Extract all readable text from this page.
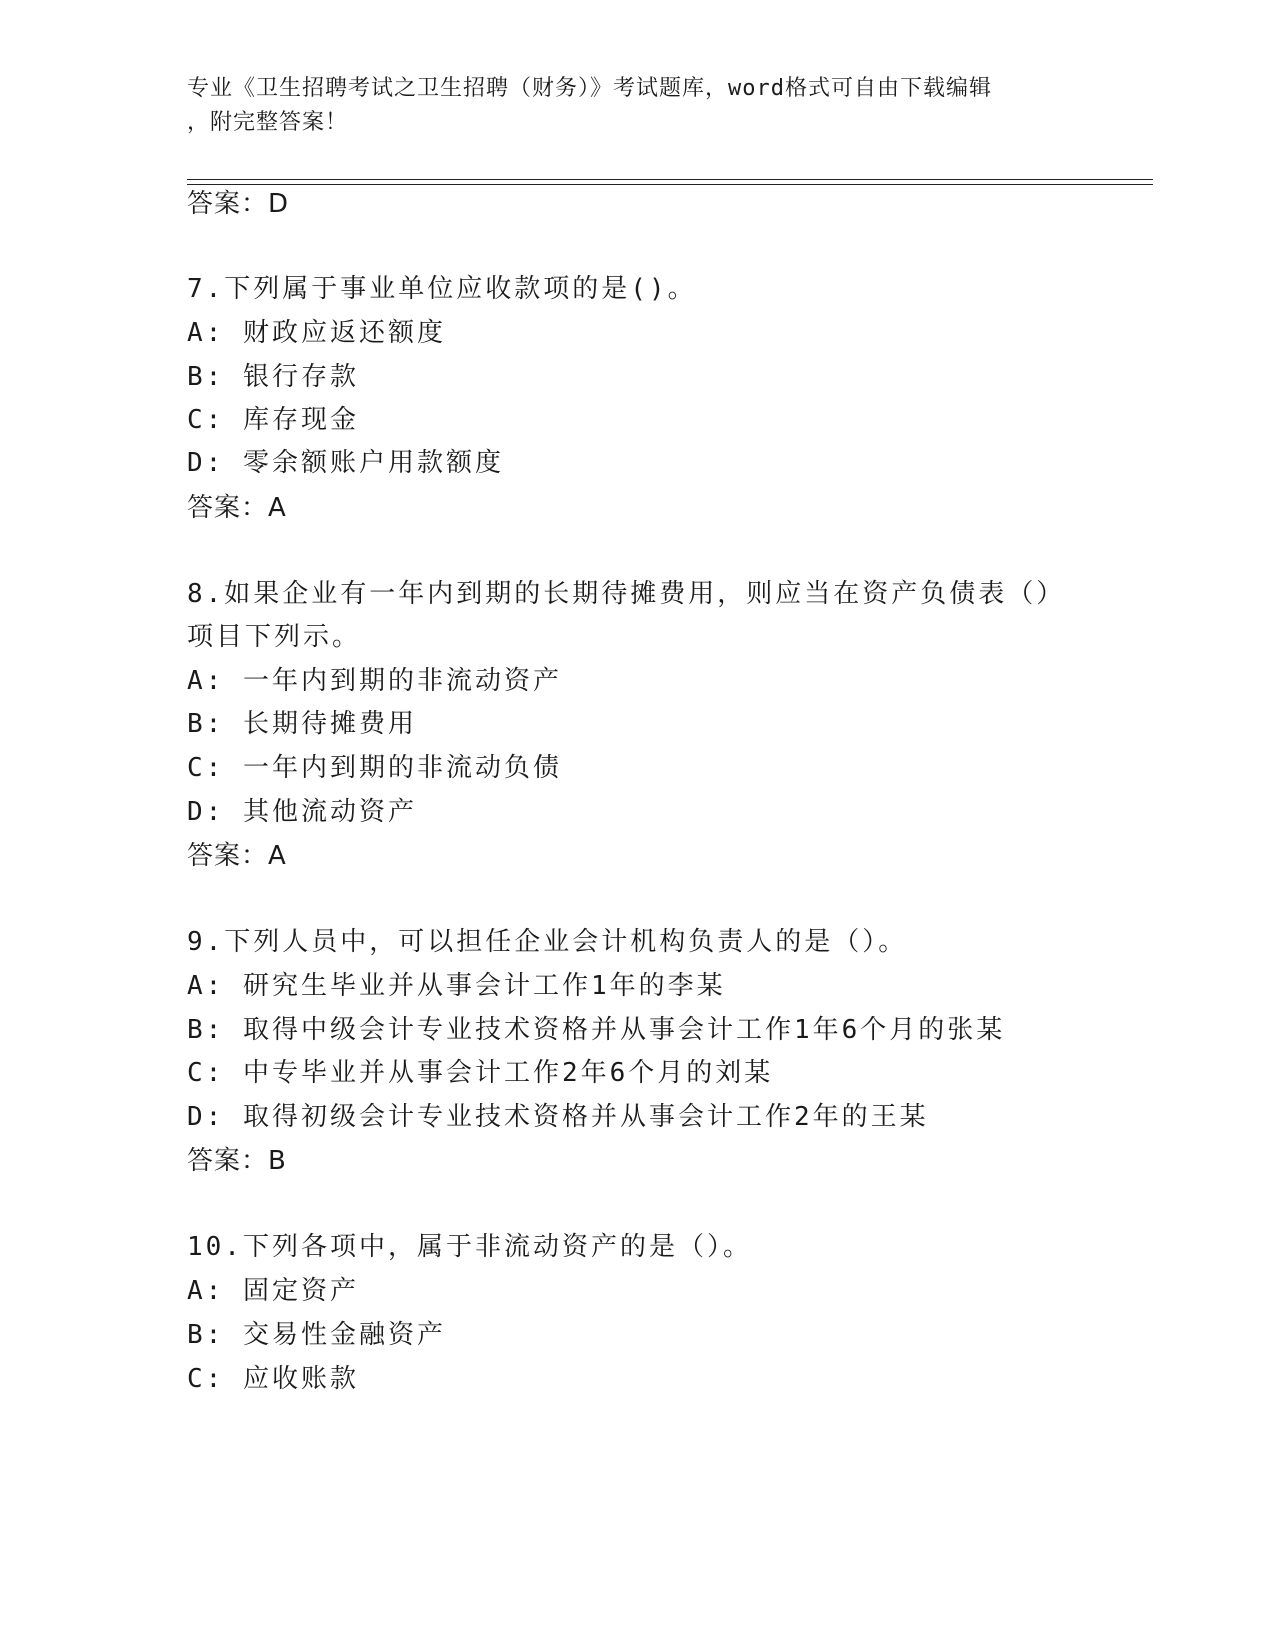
专业《卫生招聘考试之卫生招聘（财务）》考试题库，word格式可自由下载编辑
，附完整答案！
答案：D
7.下列属于事业单位应收款项的是()。
A: 财政应返还额度
B: 银行存款
C: 库存现金
D: 零余额账户用款额度
答案：A
8.如果企业有一年内到期的长期待摊费用，则应当在资产负债表（）
项目下列示。
A: 一年内到期的非流动资产
B: 长期待摊费用
C: 一年内到期的非流动负债
D: 其他流动资产
答案：A
9.下列人员中，可以担任企业会计机构负责人的是（）。
A: 研究生毕业并从事会计工作1年的李某
B: 取得中级会计专业技术资格并从事会计工作1年6个月的张某
C: 中专毕业并从事会计工作2年6个月的刘某
D: 取得初级会计专业技术资格并从事会计工作2年的王某
答案：B
10.下列各项中，属于非流动资产的是（）。
A: 固定资产
B: 交易性金融资产
C: 应收账款
